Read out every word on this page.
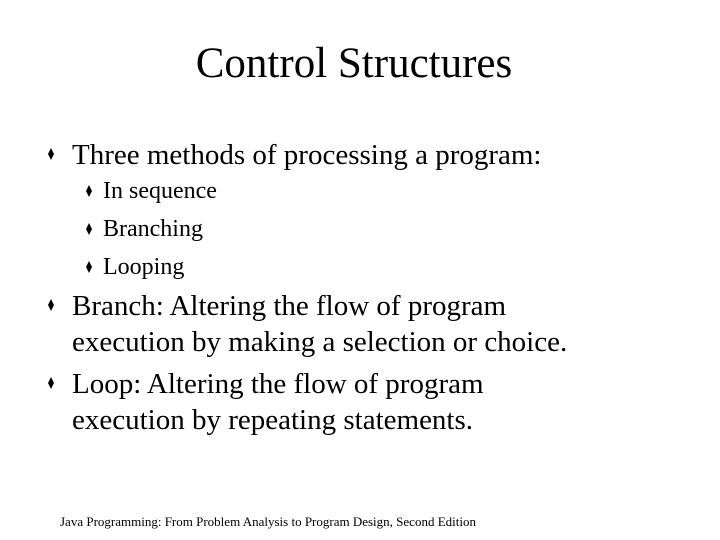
Control Structures
Three methods of processing a program:
In sequence
Branching
Looping
Branch: Altering the flow of program
execution by making a selection or choice.
Loop: Altering the flow of program
execution by repeating statements.
Java Programming: From Problem Analysis to Program Design, Second Edition
